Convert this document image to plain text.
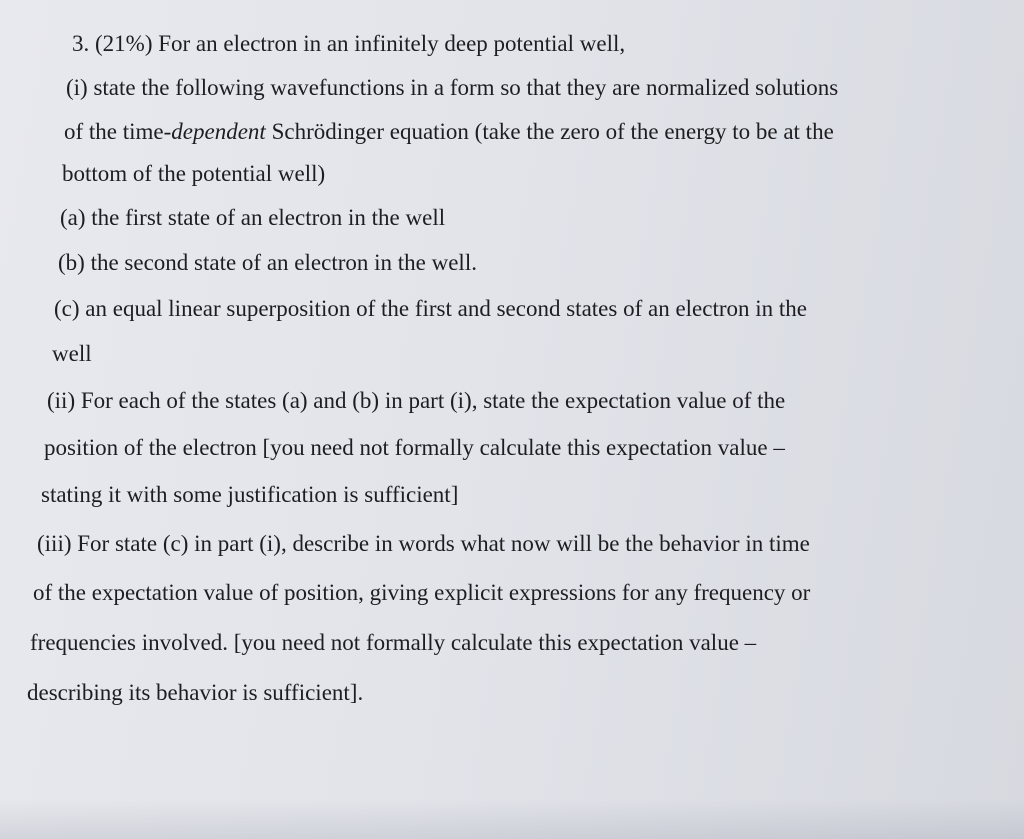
3. (21%) For an electron in an infinitely deep potential well,
(i) state the following wavefunctions in a form so that they are normalized solutions
of the time-dependent Schrödinger equation (take the zero of the energy to be at the
bottom of the potential well)
(a) the first state of an electron in the well
(b) the second state of an electron in the well.
(c) an equal linear superposition of the first and second states of an electron in the
well
(ii) For each of the states (a) and (b) in part (i), state the expectation value of the
position of the electron [you need not formally calculate this expectation value –
stating it with some justification is sufficient]
(iii) For state (c) in part (i), describe in words what now will be the behavior in time
of the expectation value of position, giving explicit expressions for any frequency or
frequencies involved. [you need not formally calculate this expectation value –
describing its behavior is sufficient].
